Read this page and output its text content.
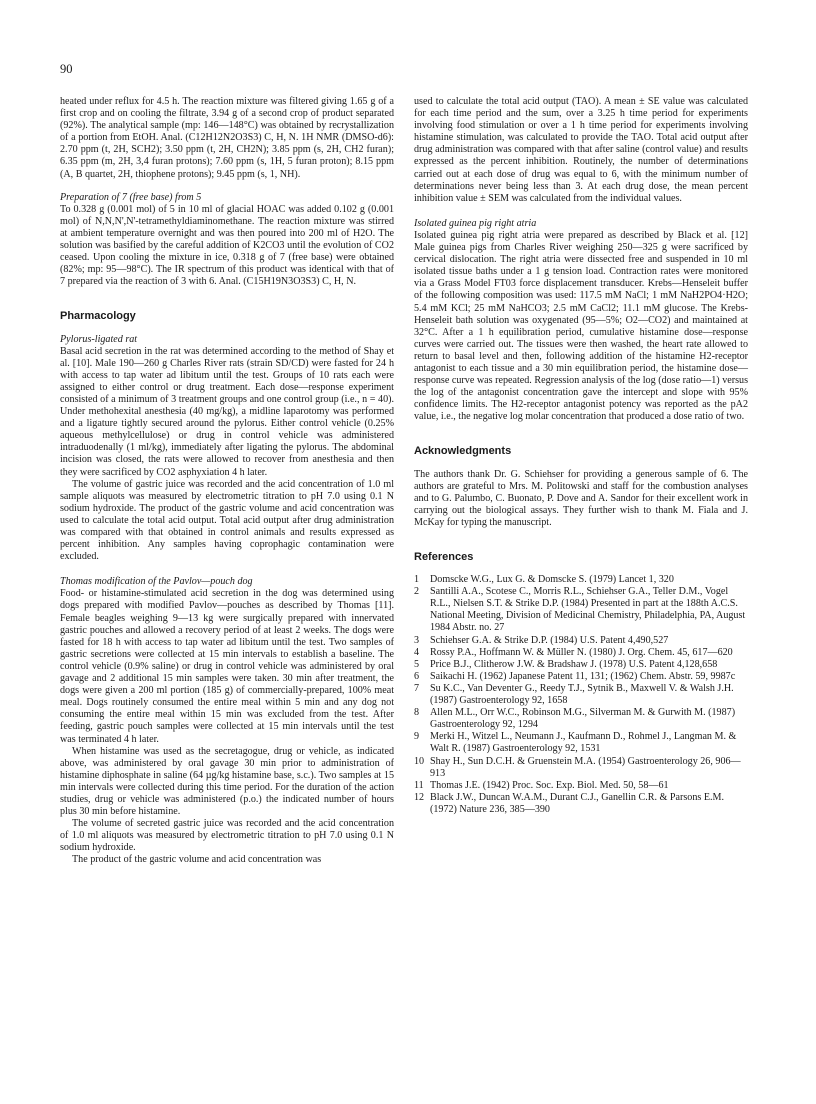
90

heated under reflux for 4.5 h. The reaction mixture was filtered giving 1.65 g of a first crop and on cooling the filtrate, 3.94 g of a second crop of product separated (92%). The analytical sample (mp: 146—148°C) was obtained by recrystallization of a portion from EtOH. Anal. (C12H12N2O3S3) C, H, N. 1H NMR (DMSO-d6): 2.70 ppm (t, 2H, SCH2); 3.50 ppm (t, 2H, CH2N); 3.85 ppm (s, 2H, CH2 furan); 6.35 ppm (m, 2H, 3,4 furan protons); 7.60 ppm (s, 1H, 5 furan proton); 8.15 ppm (A, B quartet, 2H, thiophene protons); 9.45 ppm (s, 1, NH).

Preparation of 7 (free base) from 5

To 0.328 g (0.001 mol) of 5 in 10 ml of glacial HOAC was added 0.102 g (0.001 mol) of N,N,N',N'-tetramethyldiaminomethane. The reaction mixture was stirred at ambient temperature overnight and was then poured into 200 ml of H2O. The solution was basified by the careful addition of K2CO3 until the evolution of CO2 ceased. Upon cooling the mixture in ice, 0.318 g of 7 (free base) were obtained (82%; mp: 95—98°C). The IR spectrum of this product was identical with that of 7 prepared via the reaction of 3 with 6. Anal. (C15H19N3O3S3) C, H, N.

Pharmacology

Pylorus-ligated rat

Basal acid secretion in the rat was determined according to the method of Shay et al. [10]. Male 190—260 g Charles River rats (strain SD/CD) were fasted for 24 h with access to tap water ad libitum until the test. Groups of 10 rats each were assigned to either control or drug treatment. Each dose—response experiment consisted of a minimum of 3 treatment groups and one control group (i.e., n = 40). Under methohexital anesthesia (40 mg/kg), a midline laparotomy was performed and a ligature tightly secured around the pylorus. Either control vehicle (0.25% aqueous methylcellulose) or drug in control vehicle was administered intraduodenally (1 ml/kg), immediately after ligating the pylorus. The abdominal incision was closed, the rats were allowed to recover from anesthesia and then they were sacrificed by CO2 asphyxiation 4 h later.

The volume of gastric juice was recorded and the acid concentration of 1.0 ml sample aliquots was measured by electrometric titration to pH 7.0 using 0.1 N sodium hydroxide. The product of the gastric volume and acid concentration was used to calculate the total acid output. Total acid output after drug administration was compared with that obtained in control animals and results expressed as percent inhibition. Any samples having coprophagic contamination were excluded.

Thomas modification of the Pavlov—pouch dog

Food- or histamine-stimulated acid secretion in the dog was determined using dogs prepared with modified Pavlov—pouches as described by Thomas [11]. Female beagles weighing 9—13 kg were surgically prepared with innervated gastric pouches and allowed a recovery period of at least 2 weeks. The dogs were fasted for 18 h with access to tap water ad libitum until the test. Two samples of gastric secretions were collected at 15 min intervals to establish a baseline. The control vehicle (0.9% saline) or drug in control vehicle was administered by oral gavage and 2 additional 15 min samples were taken. 30 min after treatment, the dogs were given a 200 ml portion (185 g) of commercially-prepared, 100% meat meal. Dogs routinely consumed the entire meal within 5 min and any dog not consuming the entire meal within 15 min was excluded from the test. After feeding, gastric pouch samples were collected at 15 min intervals until the test was terminated 4 h later.

When histamine was used as the secretagogue, drug or vehicle, as indicated above, was administered by oral gavage 30 min prior to administration of histamine diphosphate in saline (64 µg/kg histamine base, s.c.). Two samples at 15 min intervals were collected during this time period. For the duration of the action studies, drug or vehicle was administered (p.o.) the indicated number of hours plus 30 min before histamine.

The volume of secreted gastric juice was recorded and the acid concentration of 1.0 ml aliquots was measured by electrometric titration to pH 7.0 using 0.1 N sodium hydroxide.

The product of the gastric volume and acid concentration was

used to calculate the total acid output (TAO). A mean ± SE value was calculated for each time period and the sum, over a 3.25 h time period for experiments involving food stimulation or over a 1 h time period for experiments involving histamine stimulation, was calculated to provide the TAO. Total acid output after drug administration was compared with that after saline (control value) and results expressed as the percent inhibition. Routinely, the number of determinations carried out at each dose of drug was equal to 6, with the minimum number of determinations never being less than 3. At each drug dose, the mean percent inhibition value ± SEM was calculated from the individual values.

Isolated guinea pig right atria

Isolated guinea pig right atria were prepared as described by Black et al. [12] Male guinea pigs from Charles River weighing 250—325 g were sacrificed by cervical dislocation. The right atria were dissected free and suspended in 10 ml isolated tissue baths under a 1 g tension load. Contraction rates were monitored via a Grass Model FT03 force displacement transducer. Krebs—Henseleit buffer of the following composition was used: 117.5 mM NaCl; 1 mM NaH2PO4·H2O; 5.4 mM KCl; 25 mM NaHCO3; 2.5 mM CaCl2; 11.1 mM glucose. The Krebs-Henseleit bath solution was oxygenated (95—5%; O2—CO2) and maintained at 32°C. After a 1 h equilibration period, cumulative histamine dose—response curves were carried out. The tissues were then washed, the heart rate allowed to return to basal level and then, following addition of the histamine H2-receptor antagonist to each tissue and a 30 min equilibration period, the histamine dose—response curve was repeated. Regression analysis of the log (dose ratio—1) versus the log of the antagonist concentration gave the intercept and slope with 95% confidence limits. The H2-receptor antagonist potency was reported as the pA2 value, i.e., the negative log molar concentration that produced a dose ratio of two.

Acknowledgments

The authors thank Dr. G. Schiehser for providing a generous sample of 6. The authors are grateful to Mrs. M. Politowski and staff for the combustion analyses and to G. Palumbo, C. Buonato, P. Dove and A. Sandor for their excellent work in carrying out the biological assays. They further wish to thank M. Fiala and J. McKay for typing the manuscript.

References

1	Domscke W.G., Lux G. & Domscke S. (1979) Lancet 1, 320
2	Santilli A.A., Scotese C., Morris R.L., Schiehser G.A., Teller D.M., Vogel R.L., Nielsen S.T. & Strike D.P. (1984) Presented in part at the 188th A.C.S. National Meeting, Division of Medicinal Chemistry, Philadelphia, PA, August 1984 Abstr. no. 27
3	Schiehser G.A. & Strike D.P. (1984) U.S. Patent 4,490,527
4	Rossy P.A., Hoffmann W. & Müller N. (1980) J. Org. Chem. 45, 617—620
5	Price B.J., Clitherow J.W. & Bradshaw J. (1978) U.S. Patent 4,128,658
6	Saikachi H. (1962) Japanese Patent 11, 131; (1962) Chem. Abstr. 59, 9987c
7	Su K.C., Van Deventer G., Reedy T.J., Sytnik B., Maxwell V. & Walsh J.H. (1987) Gastroenterology 92, 1658
8	Allen M.L., Orr W.C., Robinson M.G., Silverman M. & Gurwith M. (1987) Gastroenterology 92, 1294
9	Merki H., Witzel L., Neumann J., Kaufmann D., Rohmel J., Langman M. & Walt R. (1987) Gastroenterology 92, 1531
10 Shay H., Sun D.C.H. & Gruenstein M.A. (1954) Gastroenterology 26, 906—913
11 Thomas J.E. (1942) Proc. Soc. Exp. Biol. Med. 50, 58—61
12 Black J.W., Duncan W.A.M., Durant C.J., Ganellin C.R. & Parsons E.M. (1972) Nature 236, 385—390
